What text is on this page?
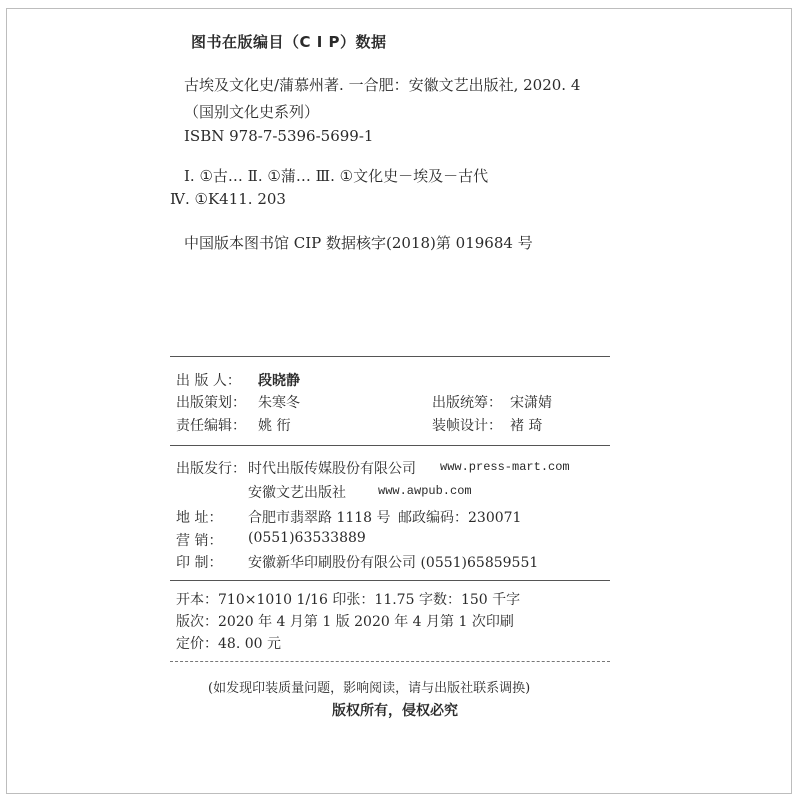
图书在版编目（C I P）数据
古埃及文化史/蒲慕州著. 一合肥：安徽文艺出版社, 2020. 4
（国别文化史系列）
ISBN 978-7-5396-5699-1
Ⅰ. ①古… Ⅱ. ①蒲… Ⅲ. ①文化史－埃及－古代
Ⅳ. ①K411. 203
中国版本图书馆 CIP 数据核字(2018)第 019684 号
出 版 人： 段晓静
出版策划： 朱寒冬	出版统筹： 宋潇婧
责任编辑： 姚 衎	装帧设计： 褚 琦
出版发行： 时代出版传媒股份有限公司 www.press-mart.com
安徽文艺出版社	www.awpub.com
地 址： 合肥市翡翠路 1118 号 邮政编码：230071
营 销： (0551)63533889
印 制： 安徽新华印刷股份有限公司 (0551)65859551
开本：710×1010 1/16 印张：11.75 字数：150 千字
版次：2020 年 4 月第 1 版 2020 年 4 月第 1 次印刷
定价：48. 00 元
(如发现印装质量问题，影响阅读，请与出版社联系调换)
版权所有，侵权必究
